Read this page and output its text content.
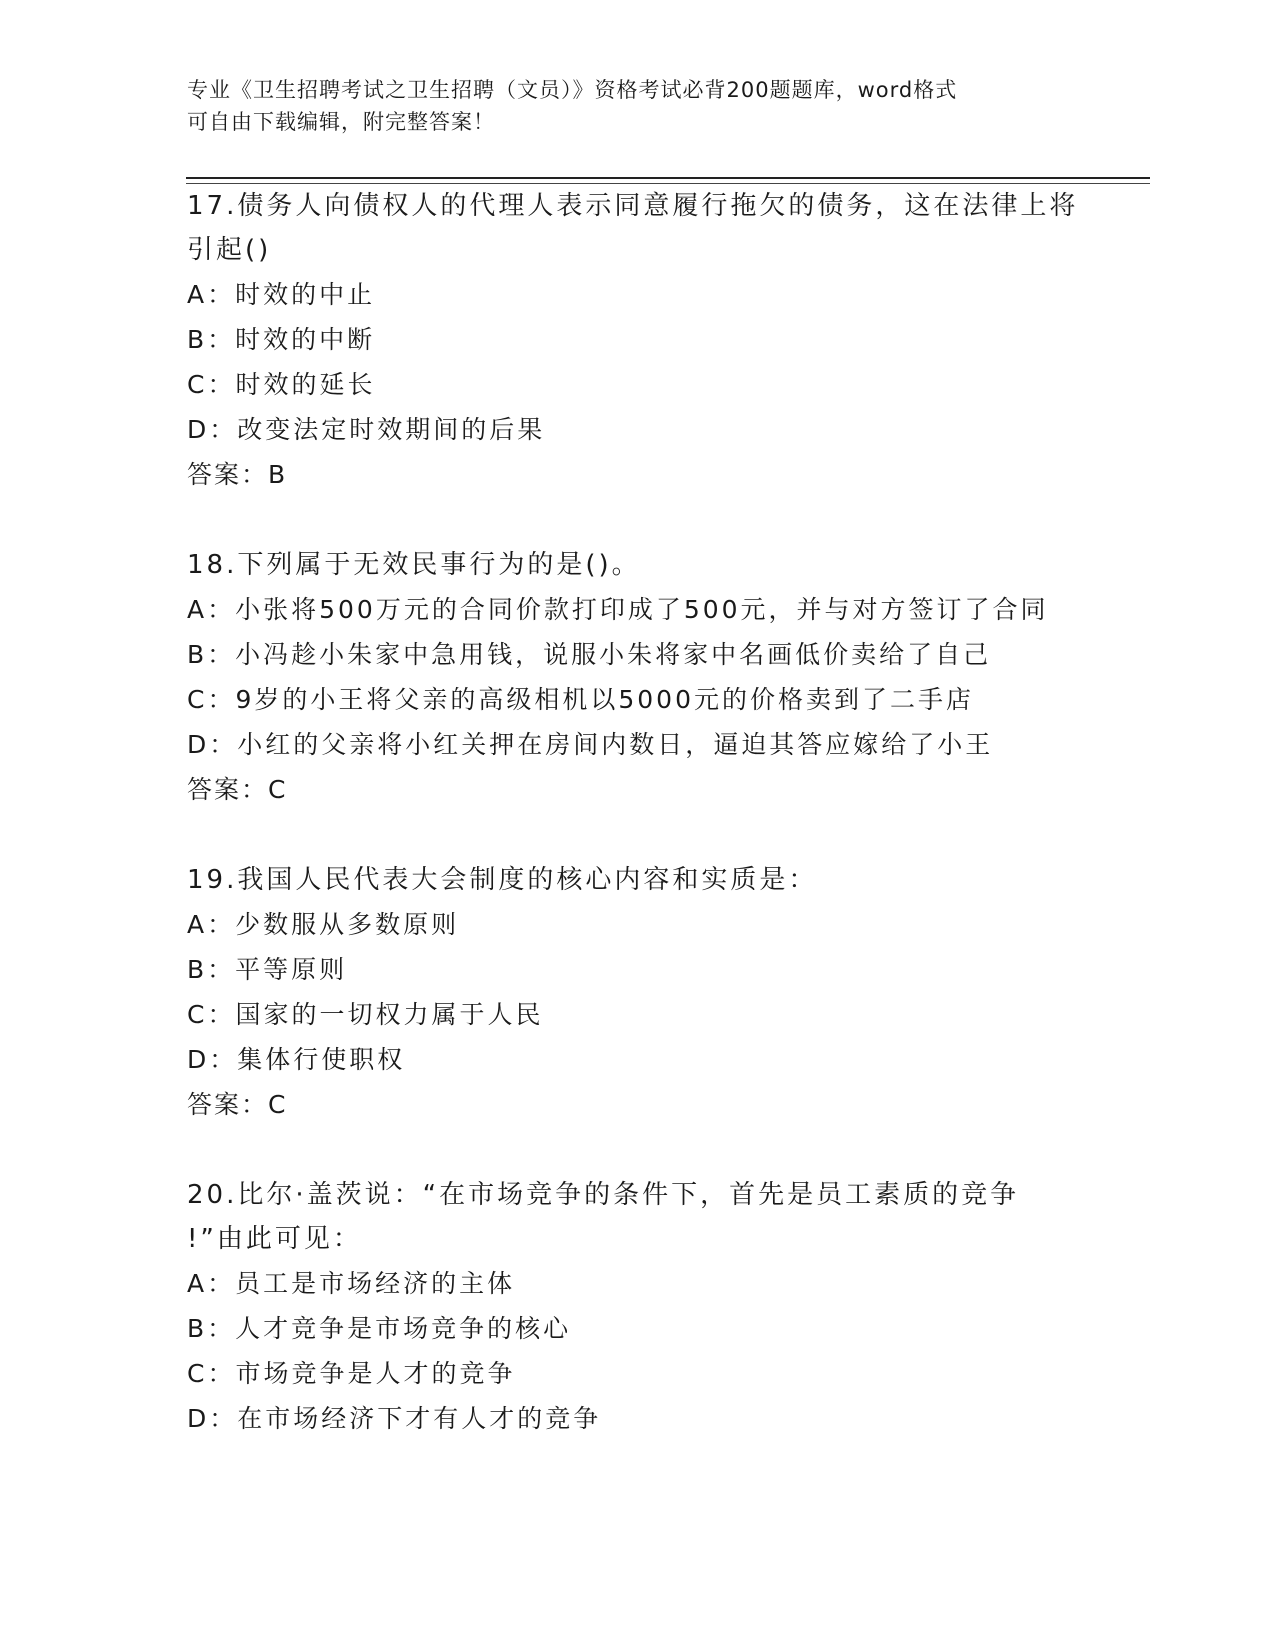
专业《卫生招聘考试之卫生招聘（文员）》资格考试必背200题题库，word格式
可自由下载编辑，附完整答案！
17.债务人向债权人的代理人表示同意履行拖欠的债务，这在法律上将
引起()
A：时效的中止
B：时效的中断
C：时效的延长
D：改变法定时效期间的后果
答案：B
18.下列属于无效民事行为的是()。
A：小张将500万元的合同价款打印成了500元，并与对方签订了合同
B：小冯趁小朱家中急用钱，说服小朱将家中名画低价卖给了自己
C：9岁的小王将父亲的高级相机以5000元的价格卖到了二手店
D：小红的父亲将小红关押在房间内数日，逼迫其答应嫁给了小王
答案：C
19.我国人民代表大会制度的核心内容和实质是：
A：少数服从多数原则
B：平等原则
C：国家的一切权力属于人民
D：集体行使职权
答案：C
20.比尔·盖茨说：“在市场竞争的条件下，首先是员工素质的竞争
!”由此可见：
A：员工是市场经济的主体
B：人才竞争是市场竞争的核心
C：市场竞争是人才的竞争
D：在市场经济下才有人才的竞争
